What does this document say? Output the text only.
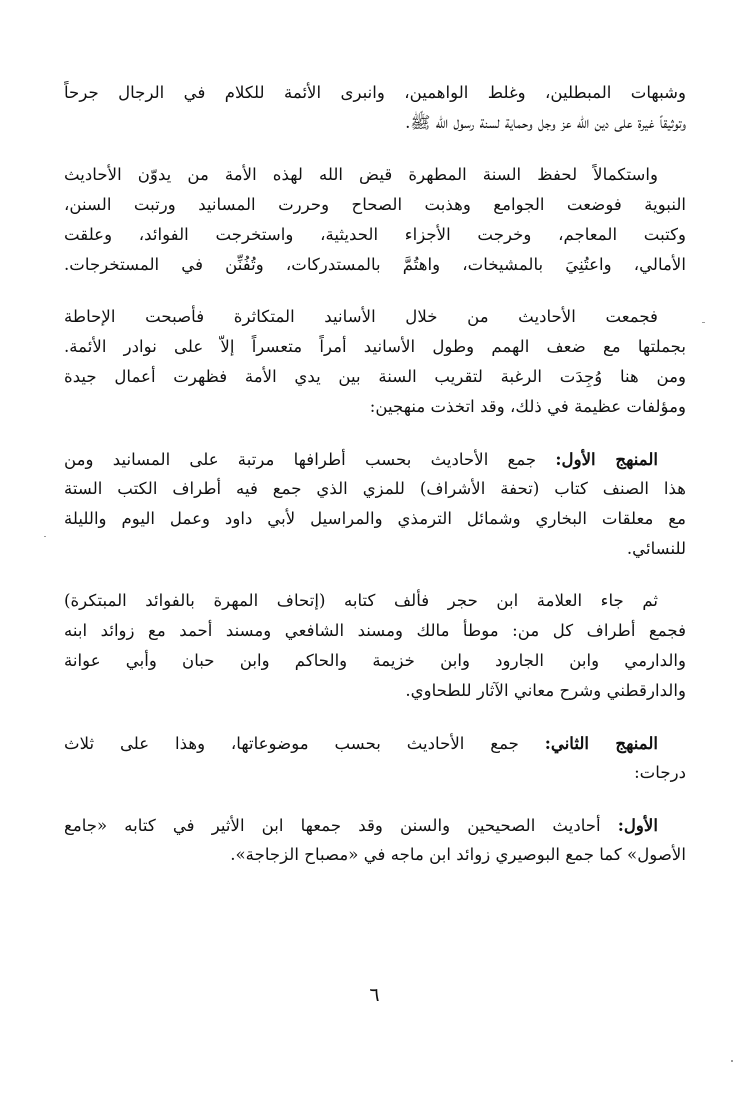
وشبهات المبطلين، وغلط الواهمين، وانبرى الأئمة للكلام في الرجال جرحاً
وتوثيقاً غيرة على دين الله عز وجل وحماية لسنة رسول الله ﷺ.
واستكمالاً لحفظ السنة المطهرة قيض الله لهذه الأمة من يدوّن الأحاديث
النبوية فوضعت الجوامع وهذبت الصحاح وحررت المسانيد ورتبت السنن،
وكتبت المعاجم، وخرجت الأجزاء الحديثية، واستخرجت الفوائد، وعلقت
الأمالي، واعتُنِيَ بالمشيخات، واهتُمَّ بالمستدركات، وتُفُنِّن في المستخرجات.
فجمعت الأحاديث من خلال الأسانيد المتكاثرة فأصبحت الإحاطة
بجملتها مع ضعف الهمم وطول الأسانيد أمراً متعسراً إلاّ على نوادر الأئمة.
ومن هنا وُجِدَت الرغبة لتقريب السنة بين يدي الأمة فظهرت أعمال جيدة
ومؤلفات عظيمة في ذلك، وقد اتخذت منهجين:
المنهج الأول: جمع الأحاديث بحسب أطرافها مرتبة على المسانيد ومن
هذا الصنف كتاب (تحفة الأشراف) للمزي الذي جمع فيه أطراف الكتب الستة
مع معلقات البخاري وشمائل الترمذي والمراسيل لأبي داود وعمل اليوم والليلة
للنسائي.
ثم جاء العلامة ابن حجر فألف كتابه (إتحاف المهرة بالفوائد المبتكرة)
فجمع أطراف كل من: موطأ مالك ومسند الشافعي ومسند أحمد مع زوائد ابنه
والدارمي وابن الجارود وابن خزيمة والحاكم وابن حبان وأبي عوانة
والدارقطني وشرح معاني الآثار للطحاوي.
المنهج الثاني: جمع الأحاديث بحسب موضوعاتها، وهذا على ثلاث
درجات:
الأول: أحاديث الصحيحين والسنن وقد جمعها ابن الأثير في كتابه «جامع
الأصول» كما جمع البوصيري زوائد ابن ماجه في «مصباح الزجاجة».
٦
